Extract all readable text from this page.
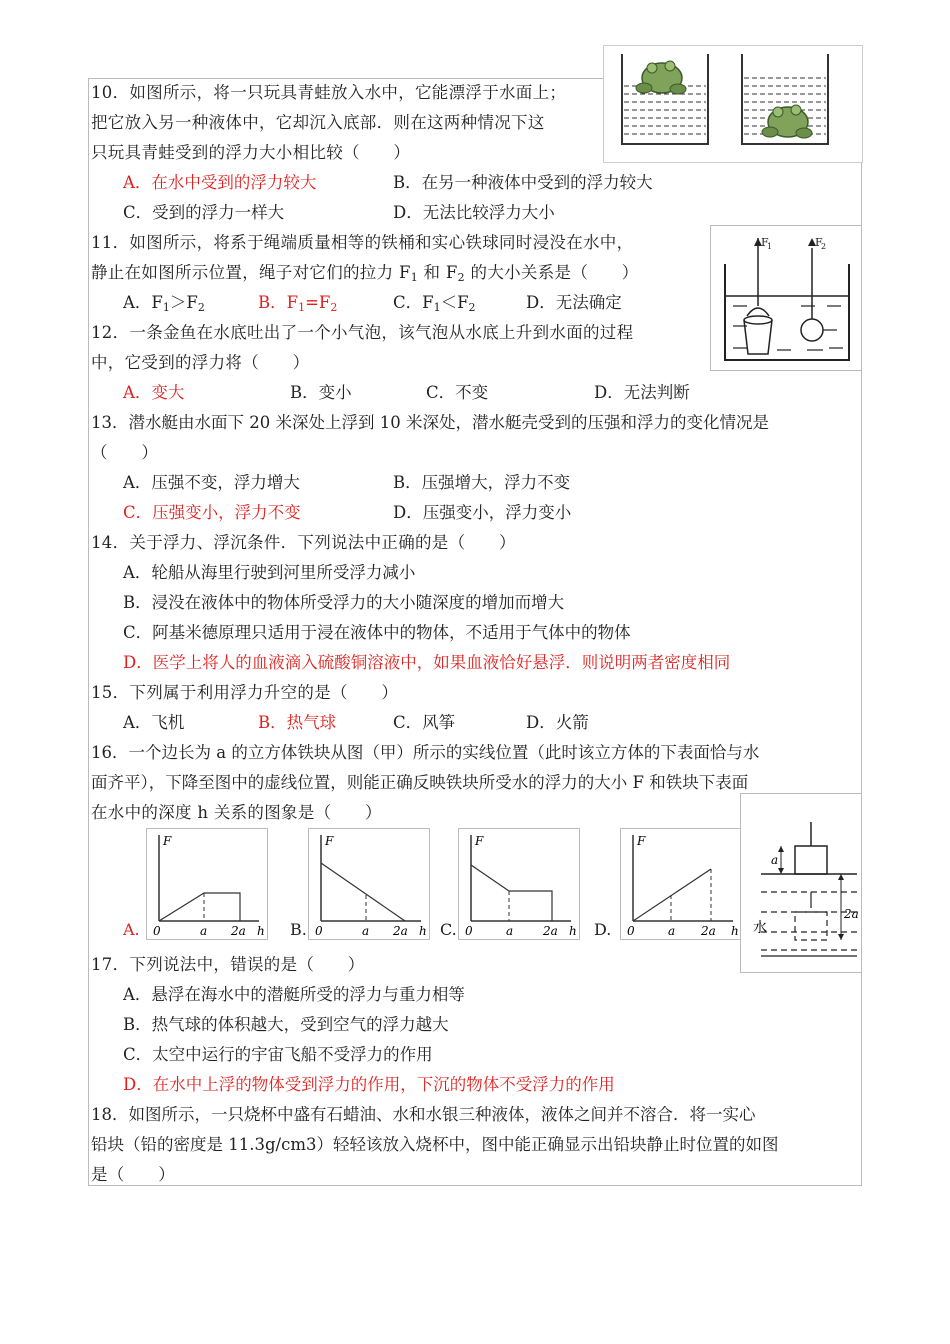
10．如图所示，将一只玩具青蛙放入水中，它能漂浮于水面上；
把它放入另一种液体中，它却沉入底部．则在这两种情况下这
只玩具青蛙受到的浮力大小相比较（　　）
A．在水中受到的浮力较大	B．在另一种液体中受到的浮力较大
C．受到的浮力一样大	D．无法比较浮力大小
F
1	F
2
11．如图所示，将系于绳端质量相等的铁桶和实心铁球同时浸没在水中，
静止在如图所示位置，绳子对它们的拉力 $F_1$ 和 $F_2$ 的大小关系是（　　）
A．$F_1>F_2$	B．$F_1=F_2$	C．$F_1<F_2$	D．无法确定
12．一条金鱼在水底吐出了一个小气泡，该气泡从水底上升到水面的过程
中，它受到的浮力将（　　）
A．变大	B．变小	C．不变	D．无法判断
13．潜水艇由水面下 20 米深处上浮到 10 米深处，潜水艇壳受到的压强和浮力的变化情况是
（　　）
A．压强不变，浮力增大	B．压强增大，浮力不变
C．压强变小，浮力不变	D．压强变小，浮力变小
14．关于浮力、浮沉条件．下列说法中正确的是（　　）
A．轮船从海里行驶到河里所受浮力减小
B．浸没在液体中的物体所受浮力的大小随深度的增加而增大
C．阿基米德原理只适用于浸在液体中的物体，不适用于气体中的物体
D．医学上将人的血液滴入硫酸铜溶液中，如果血液恰好悬浮．则说明两者密度相同
15．下列属于利用浮力升空的是（　　）
A．飞机	B．热气球	C．风筝	D．火箭
16．一个边长为 a 的立方体铁块从图（甲）所示的实线位置（此时该立方体的下表面恰与水
面齐平），下降至图中的虚线位置，则能正确反映铁块所受水的浮力的大小 F 和铁块下表面
在水中的深度 h 关系的图象是（　　）
A.	B.	C.	D.
F
h
0	a 2a
F
h
0	a 2a
F
h
0	a 2a
F
h
0	a 2a
a
2a
水
17．下列说法中，错误的是（　　）
A．悬浮在海水中的潜艇所受的浮力与重力相等
B．热气球的体积越大，受到空气的浮力越大
C．太空中运行的宇宙飞船不受浮力的作用
D．在水中上浮的物体受到浮力的作用，下沉的物体不受浮力的作用
18．如图所示，一只烧杯中盛有石蜡油、水和水银三种液体，液体之间并不溶合．将一实心
铅块（铅的密度是 11.3g/cm3）轻轻该放入烧杯中，图中能正确显示出铅块静止时位置的如图
是（　　）
